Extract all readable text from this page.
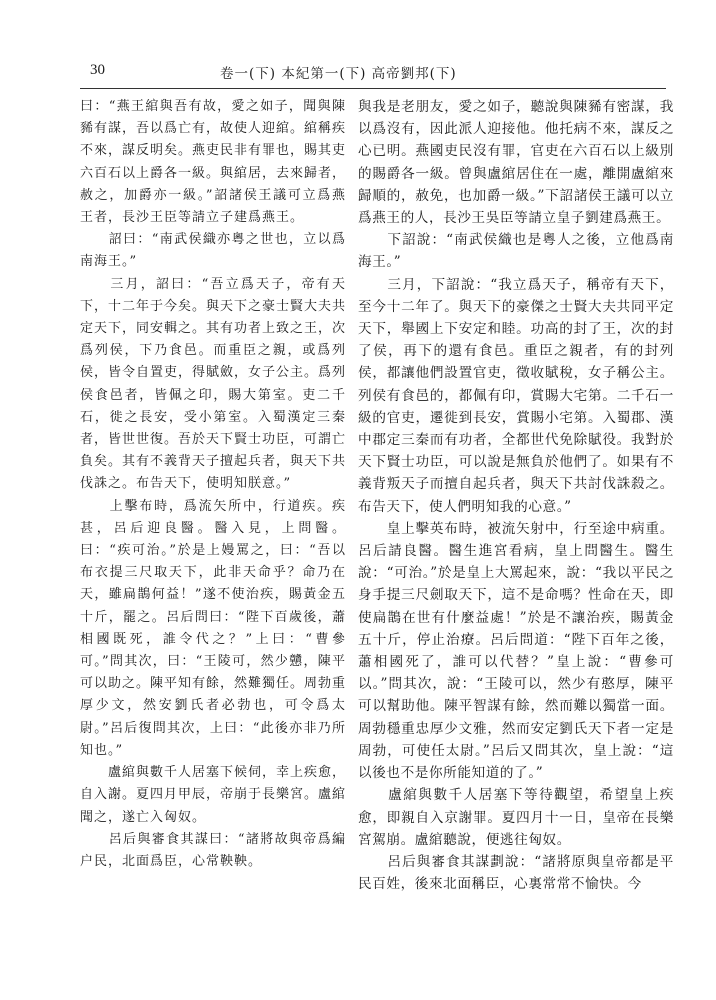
30	卷一(下) 本紀第一(下) 高帝劉邦(下)

曰：“燕王綰與吾有故，愛之如子，聞與陳豨有謀，吾以爲亡有，故使人迎綰。綰稱疾不來，謀反明矣。燕吏民非有罪也，賜其吏六百石以上爵各一級。與綰居，去來歸者，赦之，加爵亦一級。”詔諸侯王議可立爲燕王者，長沙王臣等請立子建爲燕王。

　　詔曰：“南武侯織亦粵之世也，立以爲南海王。”

　　三月，詔曰：“吾立爲天子，帝有天下，十二年于今矣。與天下之豪士賢大夫共定天下，同安輯之。其有功者上致之王，次爲列侯，下乃食邑。而重臣之親，或爲列侯，皆令自置吏，得賦斂，女子公主。爲列侯食邑者，皆佩之印，賜大第室。吏二千石，徙之長安，受小第室。入蜀漢定三秦者，皆世世復。吾於天下賢士功臣，可謂亡負矣。其有不義背天子擅起兵者，與天下共伐誅之。布告天下，使明知朕意。”

　　上擊布時，爲流矢所中，行道疾。疾甚，呂后迎良醫。醫入見，上問醫。曰：“疾可治。”於是上嫚罵之，曰：“吾以布衣提三尺取天下，此非天命乎？命乃在天，雖扁鵲何益！”遂不使治疾，賜黃金五十斤，罷之。呂后問曰：“陛下百歲後，蕭相國既死，誰令代之？”上曰：“曹參可。”問其次，曰：“王陵可，然少戇，陳平可以助之。陳平知有餘，然難獨任。周勃重厚少文，然安劉氏者必勃也，可令爲太尉。”呂后復問其次，上曰：“此後亦非乃所知也。”

　　盧綰與數千人居塞下候伺，幸上疾愈，自入謝。夏四月甲辰，帝崩于長樂宮。盧綰聞之，遂亡入匈奴。

　　呂后與審食其謀曰：“諸將故與帝爲編户民，北面爲臣，心常鞅鞅。

與我是老朋友，愛之如子，聽說與陳豨有密謀，我以爲沒有，因此派人迎接他。他托病不來，謀反之心已明。燕國吏民沒有罪，官吏在六百石以上級別的賜爵各一級。曾與盧綰居住在一處，離開盧綰來歸順的，赦免，也加爵一級。”下詔諸侯王議可以立爲燕王的人，長沙王吳臣等請立皇子劉建爲燕王。

　　下詔說：“南武侯織也是粵人之後，立他爲南海王。”

　　三月，下詔說：“我立爲天子，稱帝有天下，至今十二年了。與天下的豪傑之士賢大夫共同平定天下，舉國上下安定和睦。功高的封了王，次的封了侯，再下的還有食邑。重臣之親者，有的封列侯，都讓他們設置官吏，徵收賦稅，女子稱公主。列侯有食邑的，都佩有印，賞賜大宅第。二千石一級的官吏，遷徙到長安，賞賜小宅第。入蜀郡、漢中郡定三秦而有功者，全都世代免除賦役。我對於天下賢士功臣，可以說是無負於他們了。如果有不義背叛天子而擅自起兵者，與天下共討伐誅殺之。布告天下，使人們明知我的心意。”

　　皇上擊英布時，被流矢射中，行至途中病重。呂后請良醫。醫生進宮看病，皇上問醫生。醫生說：“可治。”於是皇上大罵起來，說：“我以平民之身手提三尺劍取天下，這不是命嗎？性命在天，即使扁鵲在世有什麼益處！”於是不讓治疾，賜黃金五十斤，停止治療。呂后問道：“陛下百年之後，蕭相國死了，誰可以代替？”皇上說：“曹參可以。”問其次，說：“王陵可以，然少有憨厚，陳平可以幫助他。陳平智謀有餘，然而難以獨當一面。周勃穩重忠厚少文雅，然而安定劉氏天下者一定是周勃，可使任太尉。”呂后又問其次，皇上說：“這以後也不是你所能知道的了。”

　　盧綰與數千人居塞下等待觀望，希望皇上疾愈，即親自入京謝罪。夏四月十一日，皇帝在長樂宮駕崩。盧綰聽說，便逃往匈奴。

　　呂后與審食其謀劃說：“諸將原與皇帝都是平民百姓，後來北面稱臣，心裏常常不愉快。今
